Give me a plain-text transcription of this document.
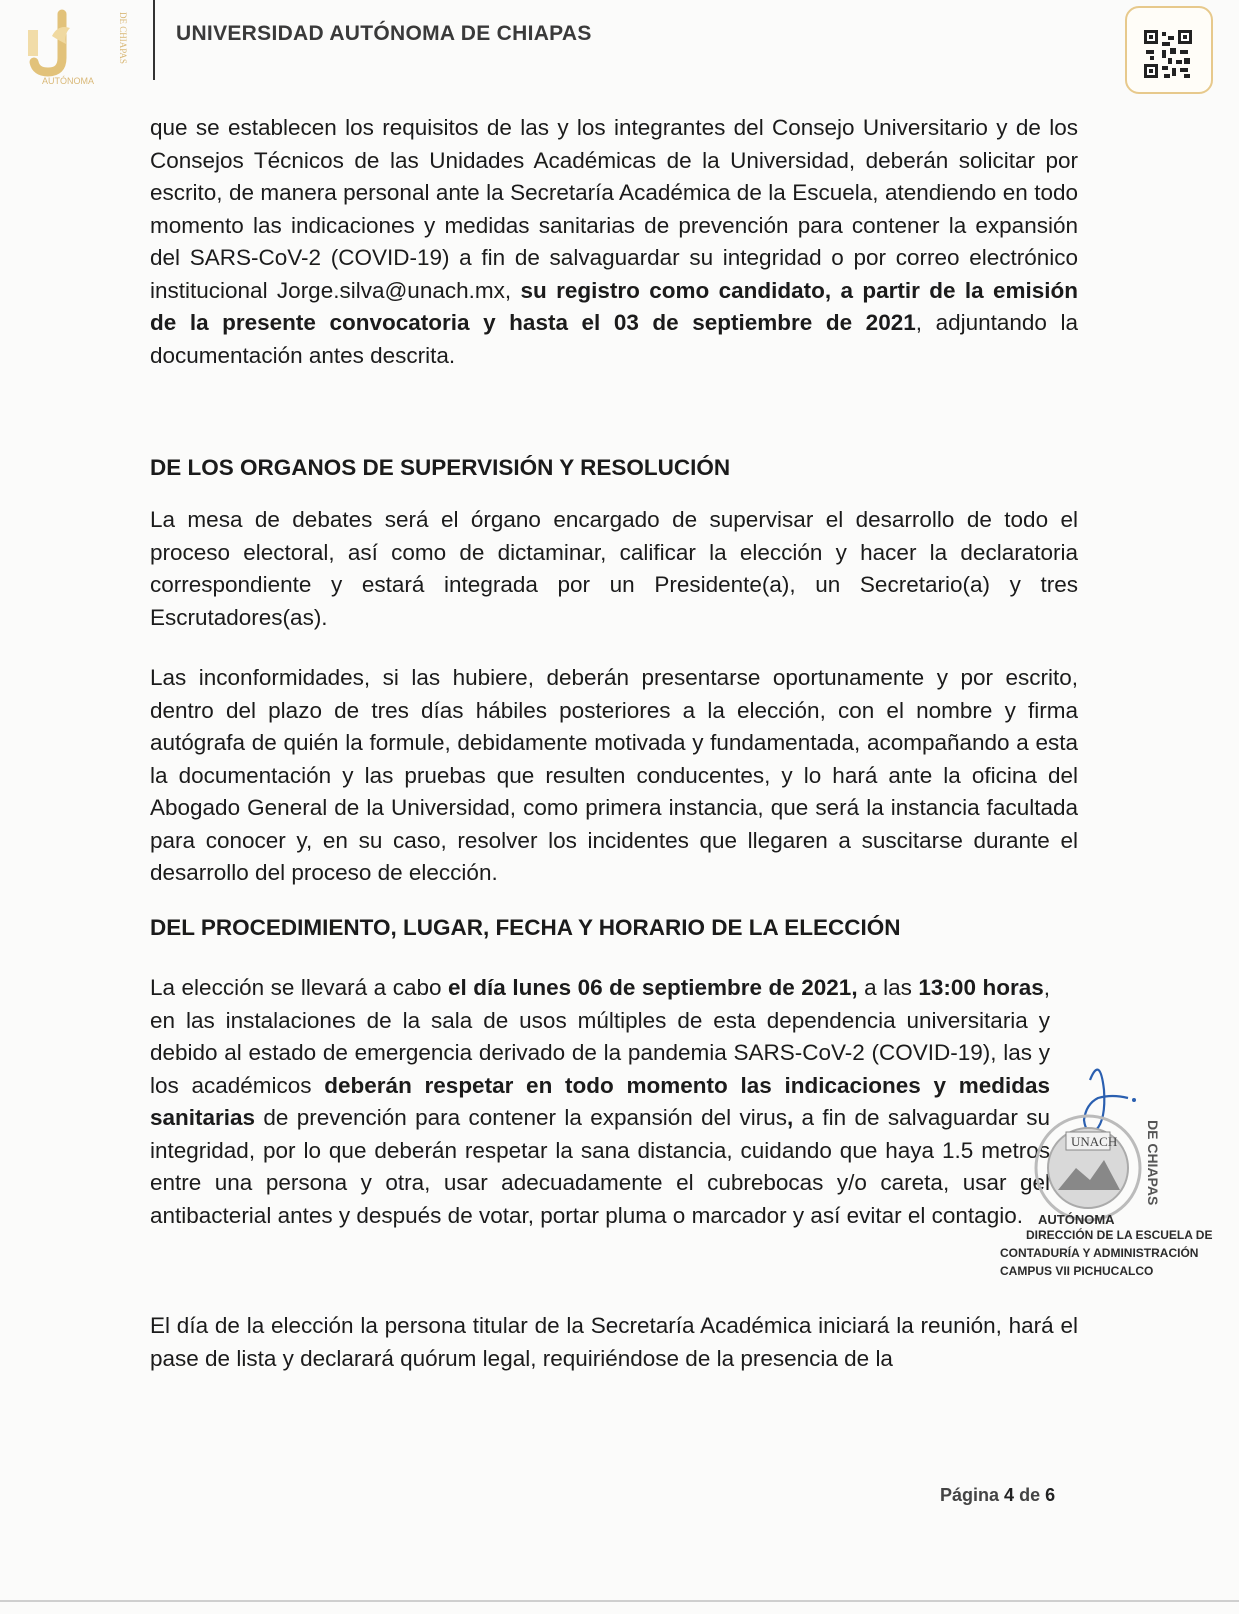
AUTÓNOMA
DE CHIAPAS UNIVERSIDAD AUTÓNOMA DE CHIAPAS

que se establecen los requisitos de las y los integrantes del Consejo Universitario y de los Consejos Técnicos de las Unidades Académicas de la Universidad, deberán solicitar por escrito, de manera personal ante la Secretaría Académica de la Escuela, atendiendo en todo momento las indicaciones y medidas sanitarias de prevención para contener la expansión del SARS-CoV-2 (COVID-19) a fin de salvaguardar su integridad o por correo electrónico institucional Jorge.silva@unach.mx, su registro como candidato, a partir de la emisión de la presente convocatoria y hasta el 03 de septiembre de 2021, adjuntando la documentación antes descrita.

DE LOS ORGANOS DE SUPERVISIÓN Y RESOLUCIÓN

La mesa de debates será el órgano encargado de supervisar el desarrollo de todo el proceso electoral, así como de dictaminar, calificar la elección y hacer la declaratoria correspondiente y estará integrada por un Presidente(a), un Secretario(a) y tres Escrutadores(as).

Las inconformidades, si las hubiere, deberán presentarse oportunamente y por escrito, dentro del plazo de tres días hábiles posteriores a la elección, con el nombre y firma autógrafa de quién la formule, debidamente motivada y fundamentada, acompañando a esta la documentación y las pruebas que resulten conducentes, y lo hará ante la oficina del Abogado General de la Universidad, como primera instancia, que será la instancia facultada para conocer y, en su caso, resolver los incidentes que llegaren a suscitarse durante el desarrollo del proceso de elección.

DEL PROCEDIMIENTO, LUGAR, FECHA Y HORARIO DE LA ELECCIÓN

La elección se llevará a cabo el día lunes 06 de septiembre de 2021, a las 13:00 horas, en las instalaciones de la sala de usos múltiples de esta dependencia universitaria y debido al estado de emergencia derivado de la pandemia SARS-CoV-2 (COVID-19), las y los académicos deberán respetar en todo momento las indicaciones y medidas sanitarias de prevención para contener la expansión del virus, a fin de salvaguardar su integridad, por lo que deberán respetar la sana distancia, cuidando que haya 1.5 metros entre una persona y otra, usar adecuadamente el cubrebocas y/o careta, usar gel antibacterial antes y después de votar, portar pluma o marcador y así evitar el contagio.

El día de la elección la persona titular de la Secretaría Académica iniciará la reunión, hará el pase de lista y declarará quórum legal, requiriéndose de la presencia de la

UNACH DE CHIAPAS
AUTÓNOMA
DIRECCIÓN DE LA ESCUELA DE
CONTADURÍA Y ADMINISTRACIÓN
CAMPUS VII PICHUCALCO
Página 4 de 6
